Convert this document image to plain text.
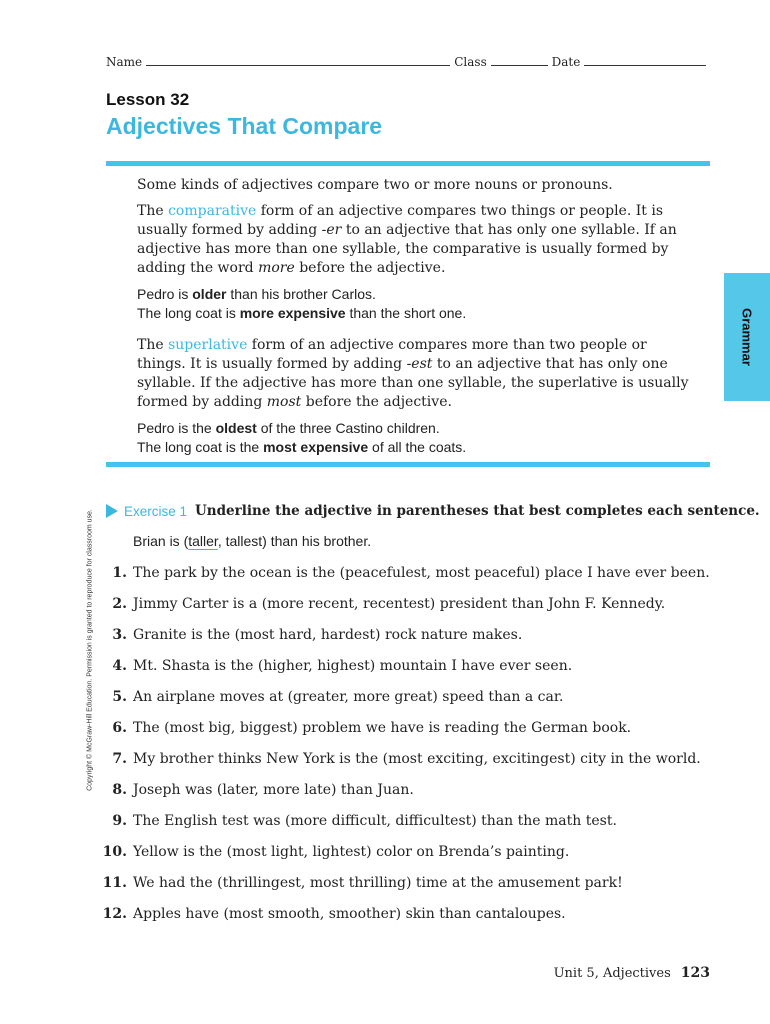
Name	Class	Date
Lesson 32
Adjectives That Compare
Grammar
Copyright © McGraw-Hill Education. Permission is granted to reproduce for classroom use.
Some kinds of adjectives compare two or more nouns or pronouns.
The comparative form of an adjective compares two things or people. It is usually formed by adding -er to an adjective that has only one syllable. If an adjective has more than one syllable, the comparative is usually formed by adding the word more before the adjective.
Pedro is older than his brother Carlos.
The long coat is more expensive than the short one.
The superlative form of an adjective compares more than two people or things. It is usually formed by adding -est to an adjective that has only one syllable. If the adjective has more than one syllable, the superlative is usually formed by adding most before the adjective.
Pedro is the oldest of the three Castino children.
The long coat is the most expensive of all the coats.
Exercise 1 Underline the adjective in parentheses that best completes each sentence.
Brian is (taller, tallest) than his brother.
1. The park by the ocean is the (peacefulest, most peaceful) place I have ever been.
2. Jimmy Carter is a (more recent, recentest) president than John F. Kennedy.
3. Granite is the (most hard, hardest) rock nature makes.
4. Mt. Shasta is the (higher, highest) mountain I have ever seen.
5. An airplane moves at (greater, more great) speed than a car.
6. The (most big, biggest) problem we have is reading the German book.
7. My brother thinks New York is the (most exciting, excitingest) city in the world.
8. Joseph was (later, more late) than Juan.
9. The English test was (more difficult, difficultest) than the math test.
10. Yellow is the (most light, lightest) color on Brenda’s painting.
11. We had the (thrillingest, most thrilling) time at the amusement park!
12. Apples have (most smooth, smoother) skin than cantaloupes.
Unit 5, Adjectives 123
